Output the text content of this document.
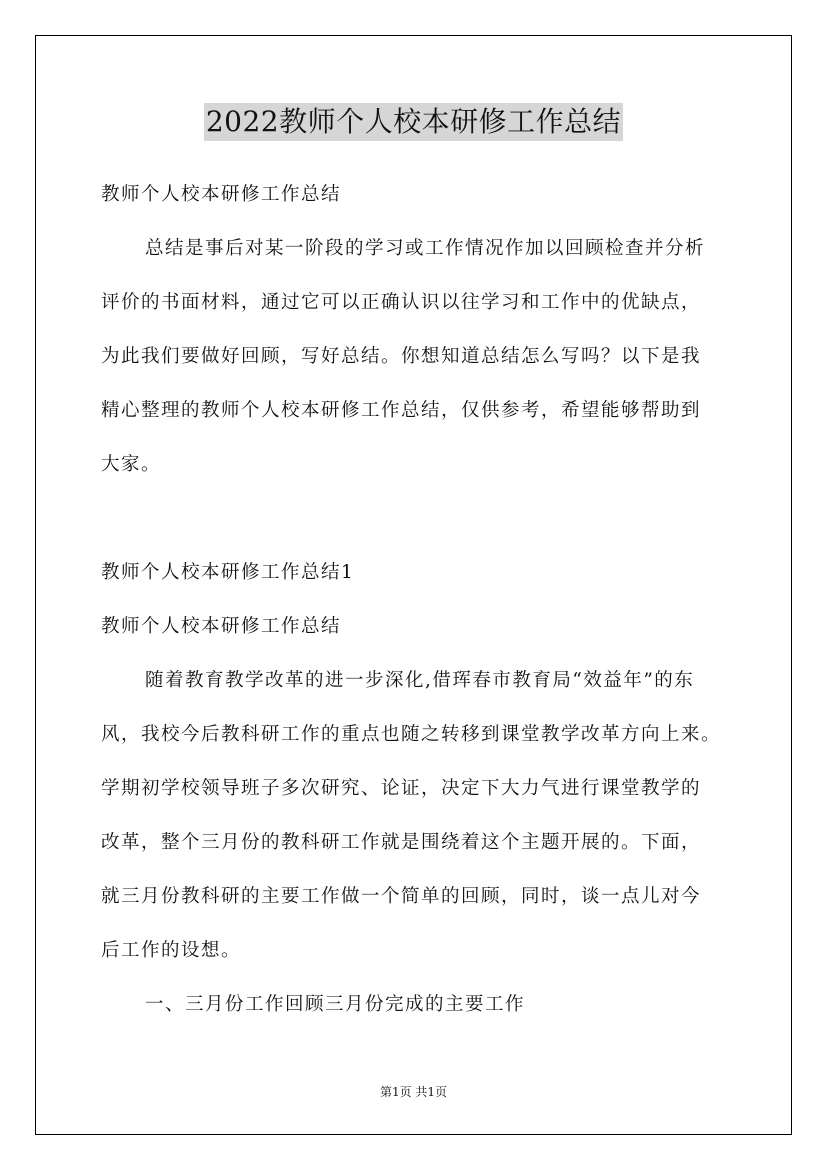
2022教师个人校本研修工作总结
教师个人校本研修工作总结
总结是事后对某一阶段的学习或工作情况作加以回顾检查并分析
评价的书面材料，通过它可以正确认识以往学习和工作中的优缺点，
为此我们要做好回顾，写好总结。你想知道总结怎么写吗？以下是我
精心整理的教师个人校本研修工作总结，仅供参考，希望能够帮助到
大家。
教师个人校本研修工作总结1
教师个人校本研修工作总结
随着教育教学改革的进一步深化,借珲春市教育局“效益年”的东
风，我校今后教科研工作的重点也随之转移到课堂教学改革方向上来。
学期初学校领导班子多次研究、论证，决定下大力气进行课堂教学的
改革，整个三月份的教科研工作就是围绕着这个主题开展的。下面，
就三月份教科研的主要工作做一个简单的回顾，同时，谈一点儿对今
后工作的设想。
一、三月份工作回顾三月份完成的主要工作
第1页 共1页
